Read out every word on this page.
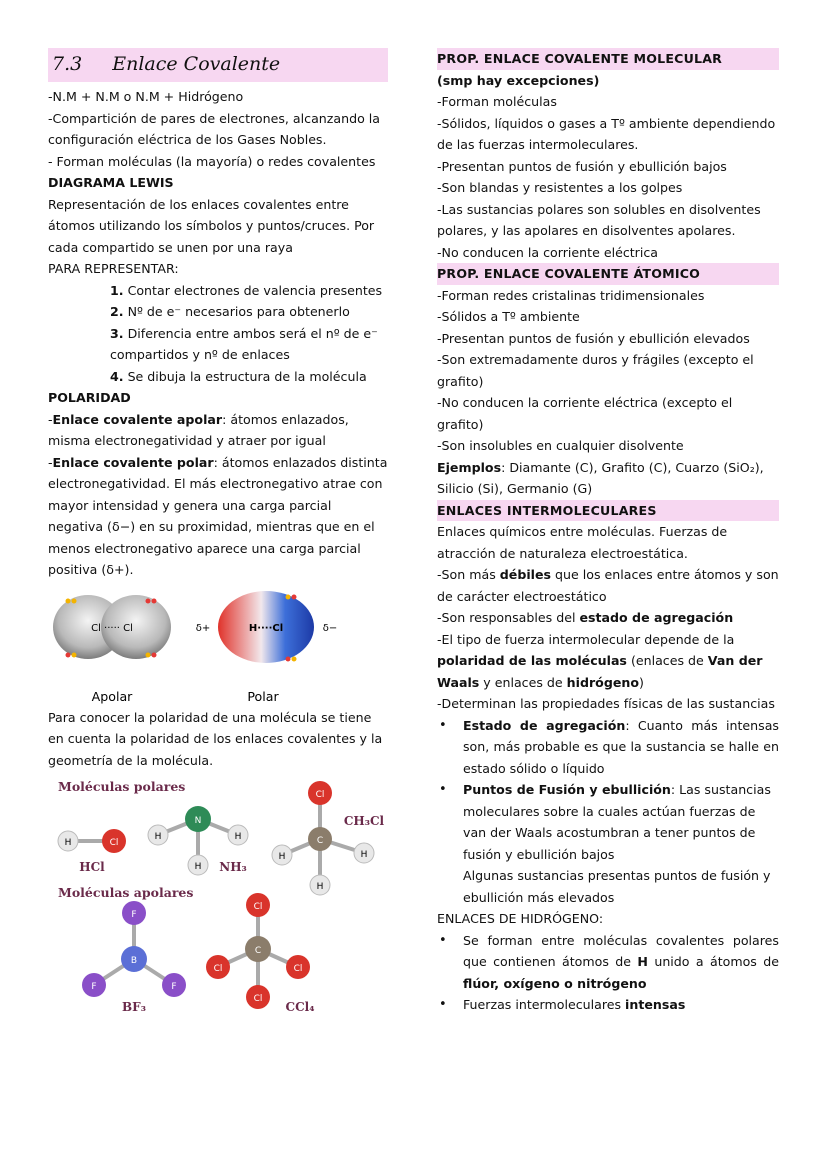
7.3 Enlace Covalente

-N.M + N.M o N.M + Hidrógeno

-Compartición de pares de electrones, alcanzando la configuración eléctrica de los Gases Nobles.

- Forman moléculas (la mayoría) o redes covalentes

DIAGRAMA LEWIS

Representación de los enlaces covalentes entre átomos utilizando los símbolos y puntos/cruces. Por cada compartido se unen por una raya

PARA REPRESENTAR:

1. Contar electrones de valencia presentes
2. Nº de e⁻ necesarios para obtenerlo
3. Diferencia entre ambos será el nº de e⁻ compartidos y nº de enlaces
4. Se dibuja la estructura de la molécula

POLARIDAD

-Enlace covalente apolar: átomos enlazados, misma electronegatividad y atraer por igual

-Enlace covalente polar: átomos enlazados distinta electronegatividad. El más electronegativo atrae con mayor intensidad y genera una carga parcial negativa (δ−) en su proximidad, mientras que en el menos electronegativo aparece una carga parcial positiva (δ+).

Cl ····· Cl	δ+	H····Cl	δ−
Apolar	Polar

Para conocer la polaridad de una molécula se tiene en cuenta la polaridad de los enlaces covalentes y la geometría de la molécula.

Moléculas polares
Moléculas apolares
H	Cl
HCl
N
H	H
H NH₃
Cl
C
H	H
H
CH₃Cl
F
B
F	F
BF₃
Cl
C
Cl	Cl
Cl
CCl₄

PROP. ENLACE COVALENTE MOLECULAR

(smp hay excepciones)

-Forman moléculas

-Sólidos, líquidos o gases a Tº ambiente dependiendo de las fuerzas intermoleculares.

-Presentan puntos de fusión y ebullición bajos

-Son blandas y resistentes a los golpes

-Las sustancias polares son solubles en disolventes polares, y las apolares en disolventes apolares.

-No conducen la corriente eléctrica

PROP. ENLACE COVALENTE ÁTOMICO

-Forman redes cristalinas tridimensionales

-Sólidos a Tº ambiente

-Presentan puntos de fusión y ebullición elevados

-Son extremadamente duros y frágiles (excepto el grafito)

-No conducen la corriente eléctrica (excepto el grafito)

-Son insolubles en cualquier disolvente

Ejemplos: Diamante (C), Grafito (C), Cuarzo (SiO₂), Silicio (Si), Germanio (G)

ENLACES INTERMOLECULARES

Enlaces químicos entre moléculas. Fuerzas de atracción de naturaleza electroestática.

-Son más débiles que los enlaces entre átomos y son de carácter electroestático

-Son responsables del estado de agregación

-El tipo de fuerza intermolecular depende de la polaridad de las moléculas (enlaces de Van der Waals y enlaces de hidrógeno)

-Determinan las propiedades físicas de las sustancias

• Estado de agregación: Cuanto más intensas son, más probable es que la sustancia se halle en estado sólido o líquido
• Puntos de Fusión y ebullición: Las sustancias moleculares sobre la cuales actúan fuerzas de van der Waals acostumbran a tener puntos de fusión y ebullición bajos
Algunas sustancias presentas puntos de fusión y ebullición más elevados

ENLACES DE HIDRÓGENO:

• Se forman entre moléculas covalentes polares que contienen átomos de H unido a átomos de flúor, oxígeno o nitrógeno
• Fuerzas intermoleculares intensas
